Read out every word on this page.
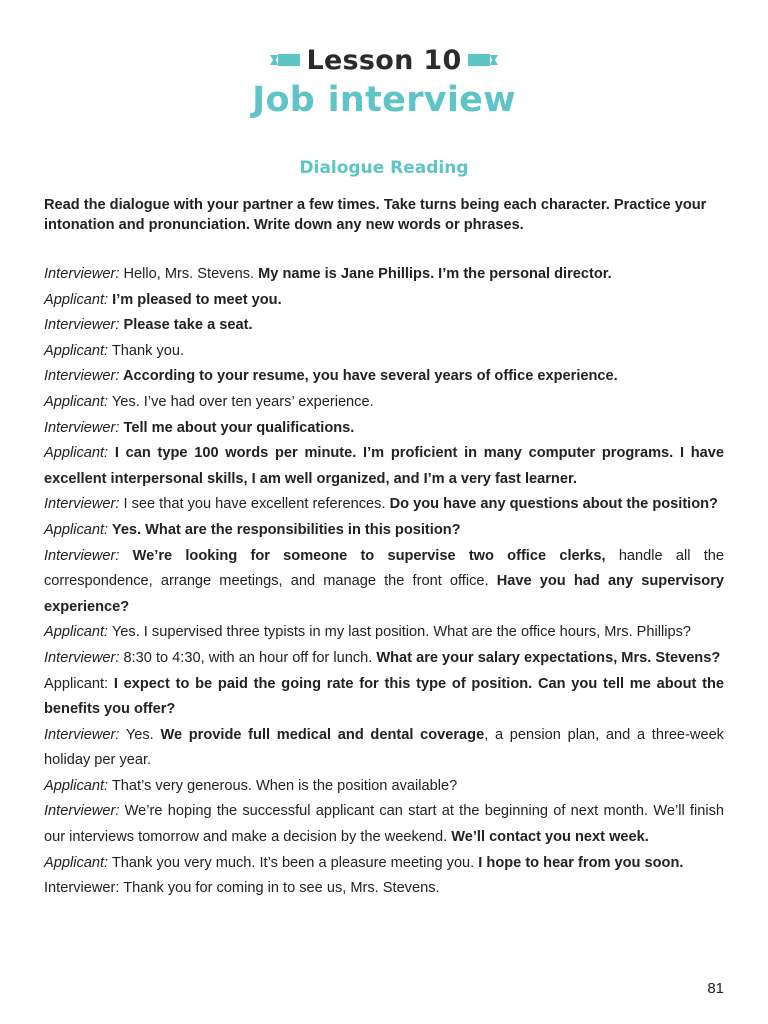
Lesson 10
Job interview
Dialogue Reading
Read the dialogue with your partner a few times. Take turns being each character. Practice your intonation and pronunciation. Write down any new words or phrases.
Interviewer: Hello, Mrs. Stevens. My name is Jane Phillips. I’m the personal director.
Applicant: I’m pleased to meet you.
Interviewer: Please take a seat.
Applicant: Thank you.
Interviewer: According to your resume, you have several years of office experience.
Applicant: Yes. I’ve had over ten years’ experience.
Interviewer: Tell me about your qualifications.
Applicant: I can type 100 words per minute. I’m proficient in many computer programs. I have excellent interpersonal skills, I am well organized, and I’m a very fast learner.
Interviewer: I see that you have excellent references. Do you have any questions about the position?
Applicant: Yes. What are the responsibilities in this position?
Interviewer: We’re looking for someone to supervise two office clerks, handle all the correspondence, arrange meetings, and manage the front office. Have you had any supervisory experience?
Applicant: Yes. I supervised three typists in my last position. What are the office hours, Mrs. Phillips?
Interviewer: 8:30 to 4:30, with an hour off for lunch. What are your salary expectations, Mrs. Stevens?
Applicant: I expect to be paid the going rate for this type of position. Can you tell me about the benefits you offer?
Interviewer: Yes. We provide full medical and dental coverage, a pension plan, and a three-week holiday per year.
Applicant: That’s very generous. When is the position available?
Interviewer: We’re hoping the successful applicant can start at the beginning of next month. We’ll finish our interviews tomorrow and make a decision by the weekend. We’ll contact you next week.
Applicant: Thank you very much. It’s been a pleasure meeting you. I hope to hear from you soon.
Interviewer: Thank you for coming in to see us, Mrs. Stevens.
81
